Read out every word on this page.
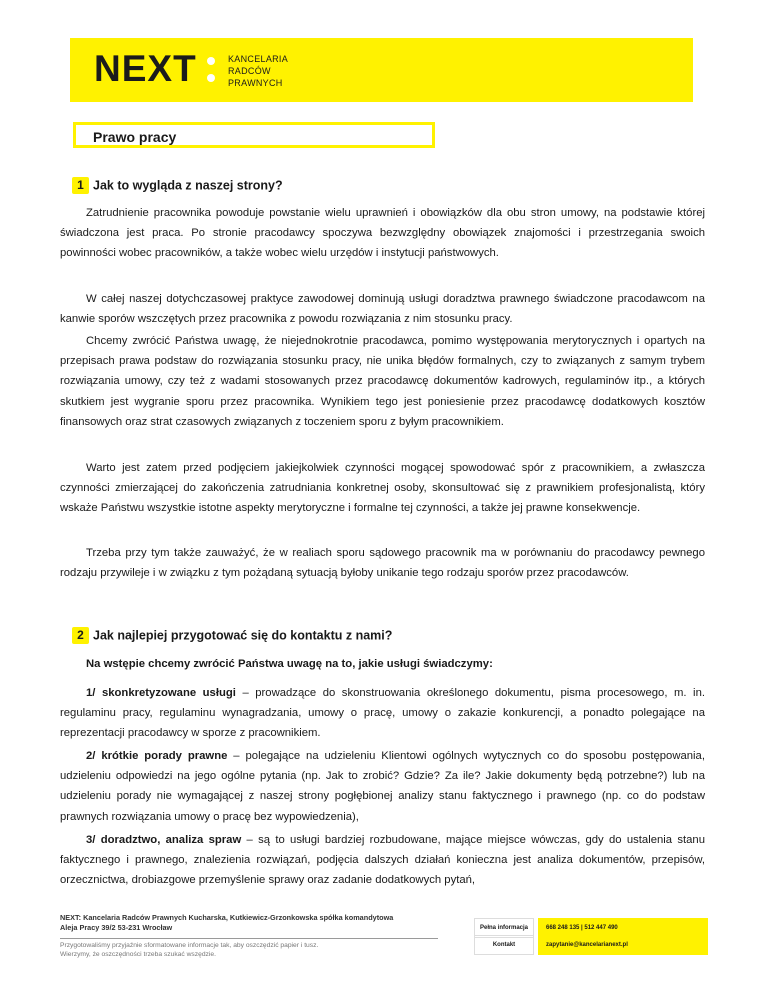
NEXT	KANCELARIA
RADCÓW
PRAWNYCH
Prawo pracy
1 Jak to wygląda z naszej strony?
Zatrudnienie pracownika powoduje powstanie wielu uprawnień i obowiązków dla obu stron umowy, na podstawie której świadczona jest praca. Po stronie pracodawcy spoczywa bezwzględny obowiązek znajomości i przestrzegania swoich powinności wobec pracowników, a także wobec wielu urzędów i instytucji państwowych.
W całej naszej dotychczasowej praktyce zawodowej dominują usługi doradztwa prawnego świadczone pracodawcom na kanwie sporów wszczętych przez pracownika z powodu rozwiązania z nim stosunku pracy.
Chcemy zwrócić Państwa uwagę, że niejednokrotnie pracodawca, pomimo występowania merytorycznych i opartych na przepisach prawa podstaw do rozwiązania stosunku pracy, nie unika błędów formalnych, czy to związanych z samym trybem rozwiązania umowy, czy też z wadami stosowanych przez pracodawcę dokumentów kadrowych, regulaminów itp., a których skutkiem jest wygranie sporu przez pracownika. Wynikiem tego jest poniesienie przez pracodawcę dodatkowych kosztów finansowych oraz strat czasowych związanych z toczeniem sporu z byłym pracownikiem.
Warto jest zatem przed podjęciem jakiejkolwiek czynności mogącej spowodować spór z pracownikiem, a zwłaszcza czynności zmierzającej do zakończenia zatrudniania konkretnej osoby, skonsultować się z prawnikiem profesjonalistą, który wskaże Państwu wszystkie istotne aspekty merytoryczne i formalne tej czynności, a także jej prawne konsekwencje.
Trzeba przy tym także zauważyć, że w realiach sporu sądowego pracownik ma w porównaniu do pracodawcy pewnego rodzaju przywileje i w związku z tym pożądaną sytuacją byłoby unikanie tego rodzaju sporów przez pracodawców.
2 Jak najlepiej przygotować się do kontaktu z nami?
Na wstępie chcemy zwrócić Państwa uwagę na to, jakie usługi świadczymy:
1/ skonkretyzowane usługi – prowadzące do skonstruowania określonego dokumentu, pisma procesowego, m. in. regulaminu pracy, regulaminu wynagradzania, umowy o pracę, umowy o zakazie konkurencji, a ponadto polegające na reprezentacji pracodawcy w sporze z pracownikiem.
2/ krótkie porady prawne – polegające na udzieleniu Klientowi ogólnych wytycznych co do sposobu postępowania, udzieleniu odpowiedzi na jego ogólne pytania (np. Jak to zrobić? Gdzie? Za ile? Jakie dokumenty będą potrzebne?) lub na udzieleniu porady nie wymagającej z naszej strony pogłębionej analizy stanu faktycznego i prawnego (np. co do podstaw prawnych rozwiązania umowy o pracę bez wypowiedzenia),
3/ doradztwo, analiza spraw – są to usługi bardziej rozbudowane, mające miejsce wówczas, gdy do ustalenia stanu faktycznego i prawnego, znalezienia rozwiązań, podjęcia dalszych działań konieczna jest analiza dokumentów, przepisów, orzecznictwa, drobiazgowe przemyślenie sprawy oraz zadanie dodatkowych pytań,
NEXT: Kancelaria Radców Prawnych Kucharska, Kutkiewicz-Grzonkowska spółka komandytowa
Aleja Pracy 39/2 53-231 Wrocław
Przygotowaliśmy przyjaźnie sformatowane informacje tak, aby oszczędzić papier i tusz.
Wierzymy, że oszczędności trzeba szukać wszędzie.
Pełna informacja	668 248 135 | 512 447 490
Kontakt	zapytanie@kancelarianext.pl
